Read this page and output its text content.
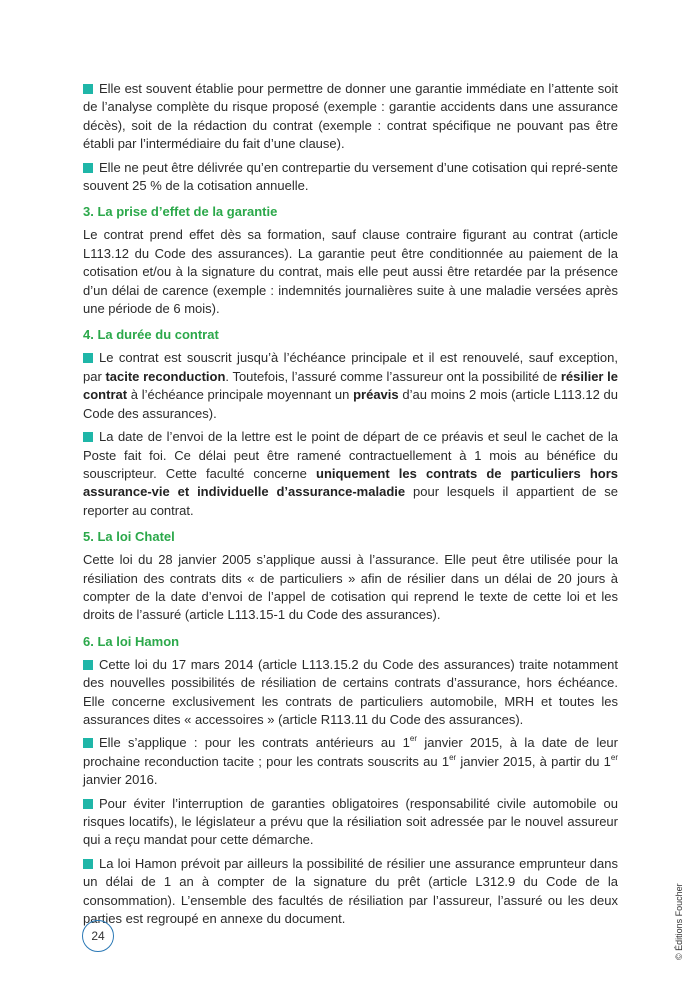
Elle est souvent établie pour permettre de donner une garantie immédiate en l’attente soit de l’analyse complète du risque proposé (exemple : garantie accidents dans une assurance décès), soit de la rédaction du contrat (exemple : contrat spécifique ne pouvant pas être établi par l’intermédiaire du fait d’une clause).

Elle ne peut être délivrée qu’en contrepartie du versement d’une cotisation qui repré-sente souvent 25 % de la cotisation annuelle.

3. La prise d’effet de la garantie

Le contrat prend effet dès sa formation, sauf clause contraire figurant au contrat (article L113.12 du Code des assurances). La garantie peut être conditionnée au paiement de la cotisation et/ou à la signature du contrat, mais elle peut aussi être retardée par la présence d’un délai de carence (exemple : indemnités journalières suite à une maladie versées après une période de 6 mois).

4. La durée du contrat

Le contrat est souscrit jusqu’à l’échéance principale et il est renouvelé, sauf exception, par tacite reconduction. Toutefois, l’assuré comme l’assureur ont la possibilité de résilier le contrat à l’échéance principale moyennant un préavis d’au moins 2 mois (article L113.12 du Code des assurances).

La date de l’envoi de la lettre est le point de départ de ce préavis et seul le cachet de la Poste fait foi. Ce délai peut être ramené contractuellement à 1 mois au bénéfice du souscripteur. Cette faculté concerne uniquement les contrats de particuliers hors assurance-vie et individuelle d’assurance-maladie pour lesquels il appartient de se reporter au contrat.

5. La loi Chatel

Cette loi du 28 janvier 2005 s’applique aussi à l’assurance. Elle peut être utilisée pour la résiliation des contrats dits « de particuliers » afin de résilier dans un délai de 20 jours à compter de la date d’envoi de l’appel de cotisation qui reprend le texte de cette loi et les droits de l’assuré (article L113.15-1 du Code des assurances).

6. La loi Hamon

Cette loi du 17 mars 2014 (article L113.15.2 du Code des assurances) traite notamment des nouvelles possibilités de résiliation de certains contrats d’assurance, hors échéance. Elle concerne exclusivement les contrats de particuliers automobile, MRH et toutes les assurances dites « accessoires » (article R113.11 du Code des assurances).

Elle s’applique : pour les contrats antérieurs au 1er janvier 2015, à la date de leur prochaine reconduction tacite ; pour les contrats souscrits au 1er janvier 2015, à partir du 1er janvier 2016.

Pour éviter l’interruption de garanties obligatoires (responsabilité civile automobile ou risques locatifs), le législateur a prévu que la résiliation soit adressée par le nouvel assureur qui a reçu mandat pour cette démarche.

La loi Hamon prévoit par ailleurs la possibilité de résilier une assurance emprunteur dans un délai de 1 an à compter de la signature du prêt (article L312.9 du Code de la consommation). L’ensemble des facultés de résiliation par l’assureur, l’assuré ou les deux parties est regroupé en annexe du document.

24	© Éditions Foucher
